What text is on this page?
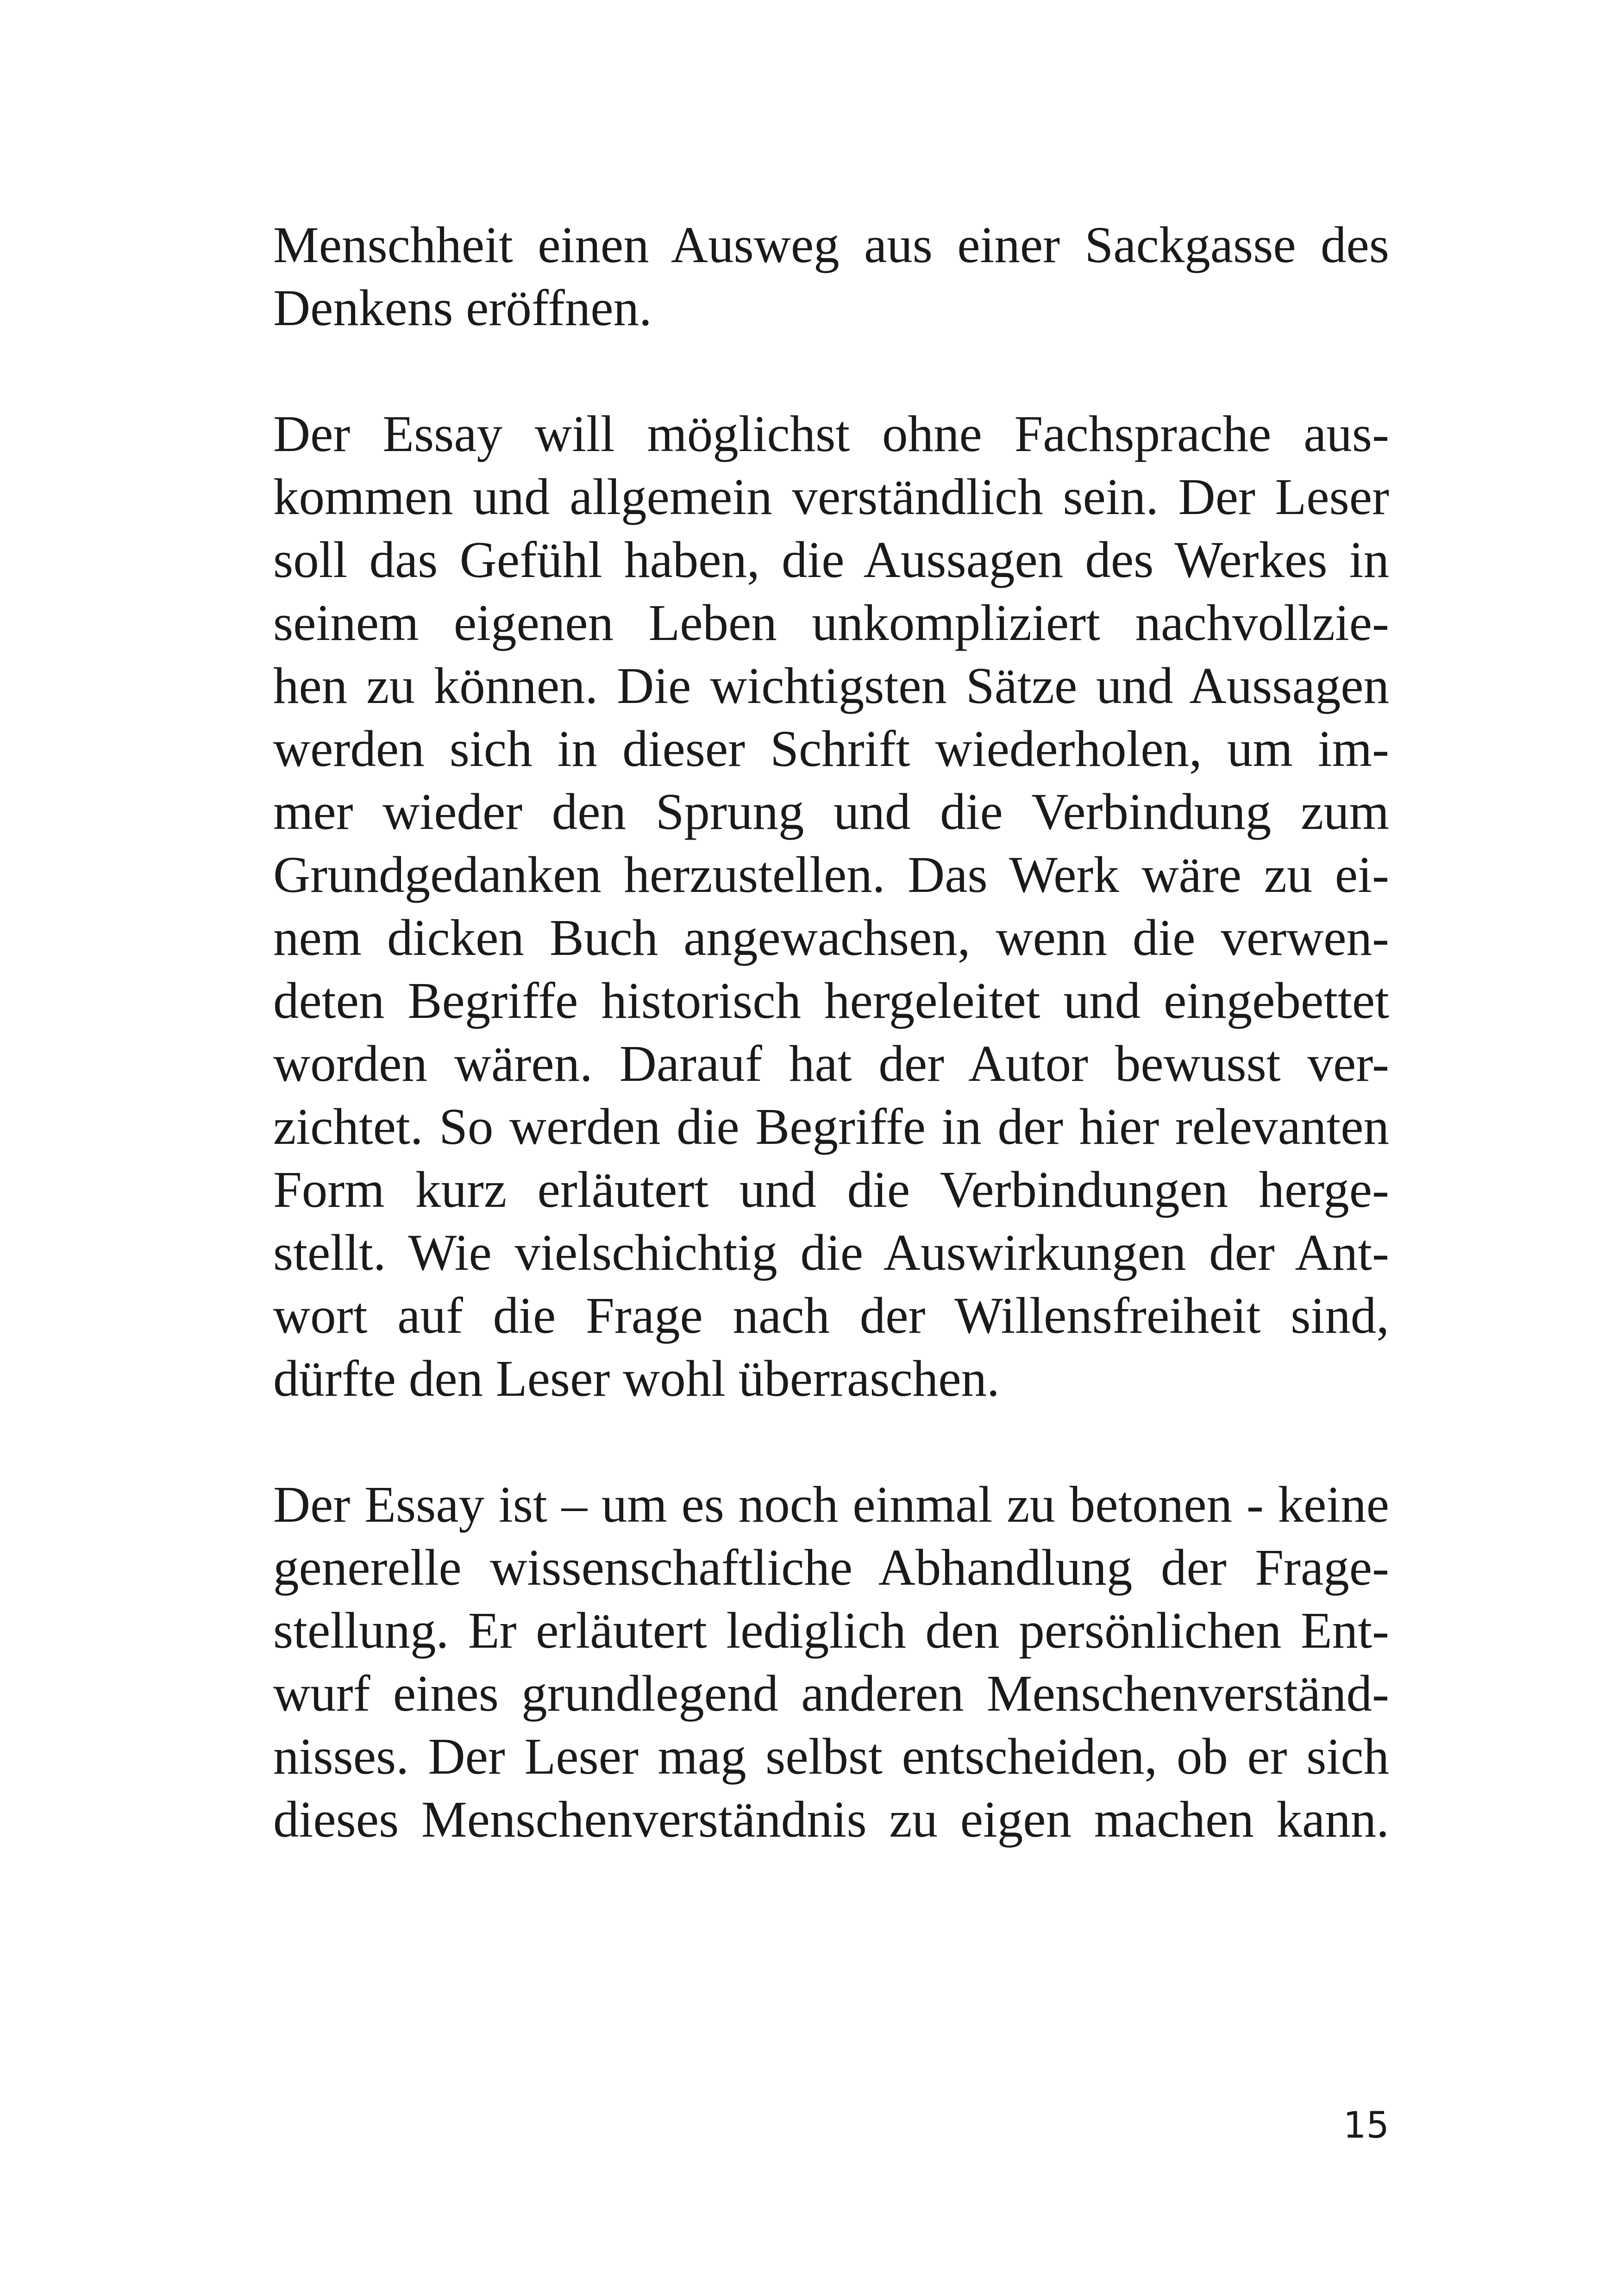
Menschheit einen Ausweg aus einer Sackgasse des
Denkens eröffnen.
Der Essay will möglichst ohne Fachsprache aus-
kommen und allgemein verständlich sein. Der Leser
soll das Gefühl haben, die Aussagen des Werkes in
seinem eigenen Leben unkompliziert nachvollzie-
hen zu können. Die wichtigsten Sätze und Aussagen
werden sich in dieser Schrift wiederholen, um im-
mer wieder den Sprung und die Verbindung zum
Grundgedanken herzustellen. Das Werk wäre zu ei-
nem dicken Buch angewachsen, wenn die verwen-
deten Begriffe historisch hergeleitet und eingebettet
worden wären. Darauf hat der Autor bewusst ver-
zichtet. So werden die Begriffe in der hier relevanten
Form kurz erläutert und die Verbindungen herge-
stellt. Wie vielschichtig die Auswirkungen der Ant-
wort auf die Frage nach der Willensfreiheit sind,
dürfte den Leser wohl überraschen.
Der Essay ist – um es noch einmal zu betonen - keine
generelle wissenschaftliche Abhandlung der Frage-
stellung. Er erläutert lediglich den persönlichen Ent-
wurf eines grundlegend anderen Menschenverständ-
nisses. Der Leser mag selbst entscheiden, ob er sich
dieses Menschenverständnis zu eigen machen kann.
15
